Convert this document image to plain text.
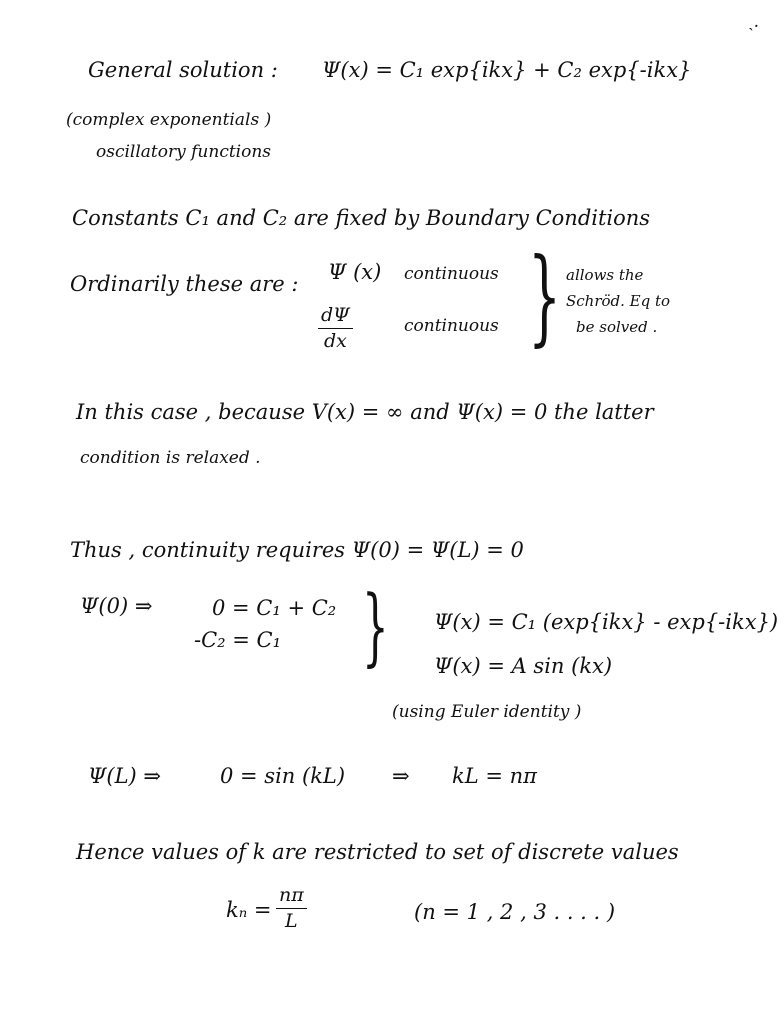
ˎ.
General solution : Ψ(x) = C₁ exp{ikx} + C₂ exp{-ikx}
(complex exponentials )
oscillatory functions
Constants C₁ and C₂ are fixed by Boundary Conditions
Ordinarily these are : Ψ (x) continuous
dΨ
dx
continuous } allows the
Schröd. Eq to
be solved .
In this case , because V(x) = ∞ and Ψ(x) = 0 the latter
condition is relaxed .
Thus , continuity requires Ψ(0) = Ψ(L) = 0
Ψ(0) ⇒	0 = C₁ + C₂
-C₂ = C₁ } Ψ(x) = C₁ (exp{ikx} - exp{-ikx})
Ψ(x) = A sin (kx)
(using Euler identity )
Ψ(L) ⇒	0 = sin (kL) ⇒ kL = nπ
Hence values of k are restricted to set of discrete values
kₙ =
nπ
L	(n = 1 , 2 , 3 . . . . )
